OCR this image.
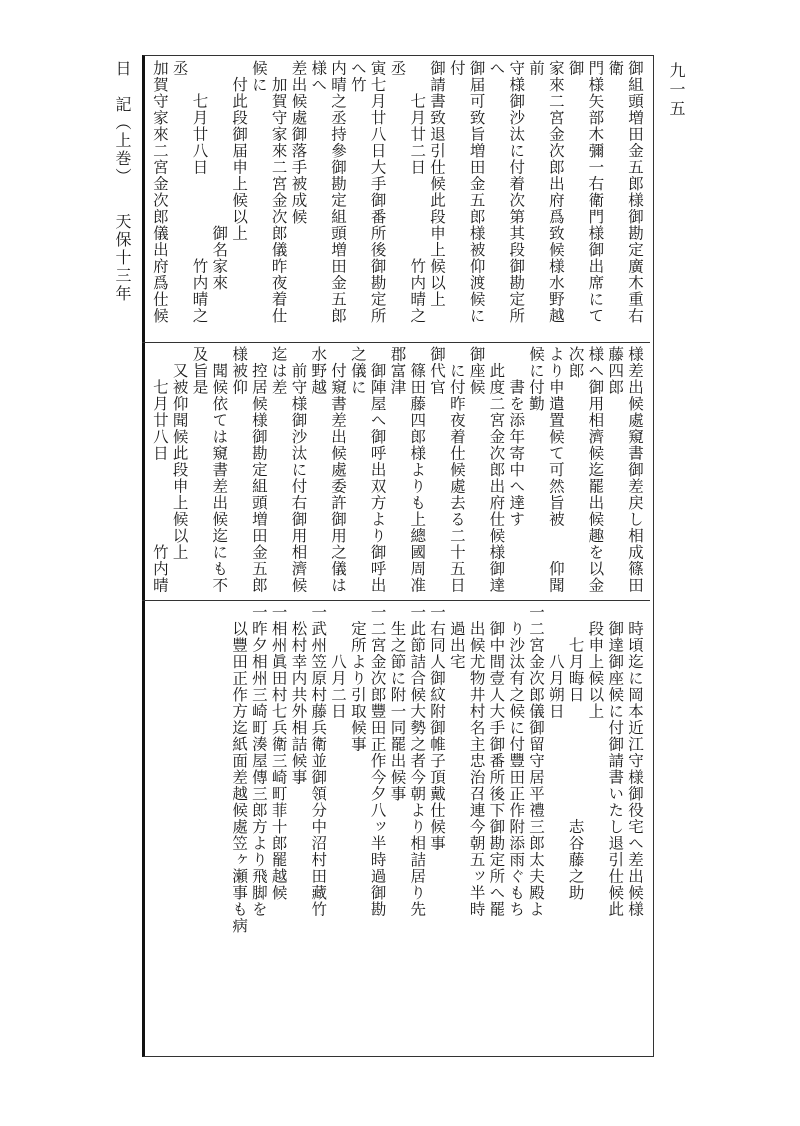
日　記（上巻） 天保十三年
九一五
御組頭増田金五郎様御勘定廣木重右衛
門様矢部木彌一右衛門様御出席にて御
家來二宮金次郎出府爲致候様水野越前
守様御沙汰に付着次第其段御勘定所へ
御届可致旨増田金五郎様被仰渡候に付
御請書致退引仕候此段申上候以上
　　七月廿二日　　　　　竹内晴之丞
寅七月廿八日大手御番所後御勘定所へ竹
内晴之丞持參御勘定組頭増田金五郎様へ
差出候處御落手被成候
　加賀守家來二宮金次郎儀昨夜着仕候に
　付此段御届申上候以上
　　　　　　　　　　御名家來
　　七月廿八日　　　　　竹内晴之丞
加賀守家來二宮金次郎儀出府爲仕候

様差出候處窺書御差戻し相成篠田藤四郎
様へ御用相濟候迄罷出候趣を以金次郎
より申遣置候て可然旨被　　仰聞候に付勤
　　書を添年寄中へ達す
　此度二宮金次郎出府仕候様御達御座候
　に付昨夜着仕候處去る二十五日御代官
　篠田藤四郎様よりも上總國周准郡富津
　御陣屋へ御呼出双方より御呼出之儀に
　付窺書差出候處委許御用之儀は水野越
　前守様御沙汰に付右御用相濟候迄は差
　控居候様御勘定組頭増田金五郎様被仰
　聞候依ては窺書差出候迄にも不及旨是
　又被仰聞候此段申上候以上
　　七月廿八日　　　　　竹内晴

　時頃迄に岡本近江守様御役宅へ差出候様
　御達御座候に付御請書いたし退引仕候此
　段申上候以上
　　七月晦日　　　　　　　志谷藤之助
　　　八月朔日
一二宮金次郎儀御留守居平禮三郎太夫殿よ
　り沙汰有之候に付豐田正作附添雨ぐもち
　御中間壹人大手御番所後下御勘定所へ罷
　出候尤物井村名主忠治召連今朝五ッ半時
　過出宅
一右同人御紋附御帷子頂戴仕候事
一此節詰合候大勢之者今朝より相詰居り先
　生之節に附一同罷出候事
一二宮金次郎豐田正作今夕八ッ半時過御勘
　定所より引取候事
　　　八月二日
一武州笠原村藤兵衛並御領分中沼村田藏竹
　松村幸内共外相詰候事
一相州眞田村七兵衛三崎町菲十郎罷越候
一昨夕相州三崎町湊屋傳三郎方より飛脚を
　以豐田正作方迄紙面差越候處笠ヶ瀬事も病
